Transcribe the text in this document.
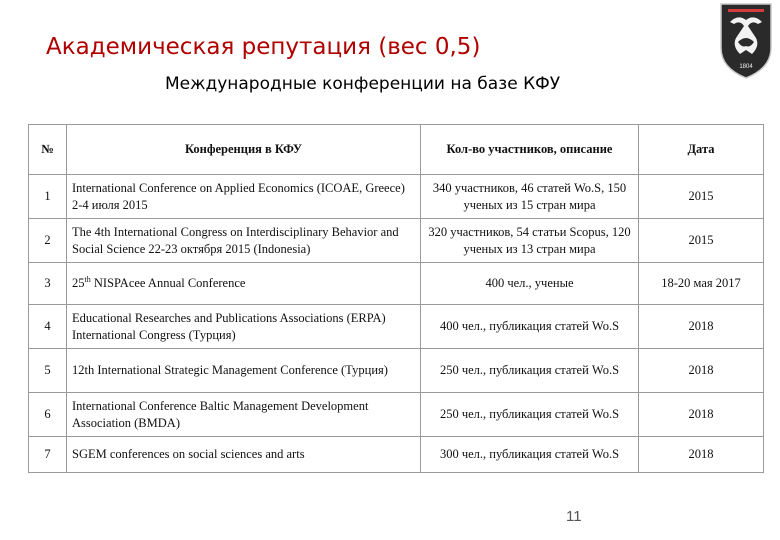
Академическая репутация (вес 0,5)
Международные конференции на базе КФУ
1804
№	Конференция в КФУ	Кол-во участников, описание	Дата
1	International Conference on Applied Economics (ICOAE, Greece) 2-4 июля 2015	340 участников, 46 статей Wo.S, 150 ученых из 15 стран мира	2015
2	The 4th International Congress on Interdisciplinary Behavior and Social Science 22-23 октября 2015 (Indonesia)	320 участников, 54 статьи Scopus, 120 ученых из 13 стран мира	2015
3	25th NISPAcee Annual Conference	400 чел., ученые	18-20 мая 2017
4	Educational Researches and Publications Associations (ERPA) International Congress (Турция)	400 чел., публикация статей Wo.S	2018
5	12th International Strategic Management Conference (Турция)	250 чел., публикация статей Wo.S	2018
6	International Conference Baltic Management Development Association (BMDA)	250 чел., публикация статей Wo.S	2018
7	SGEM conferences on social sciences and arts	300 чел., публикация статей Wo.S	2018
11
